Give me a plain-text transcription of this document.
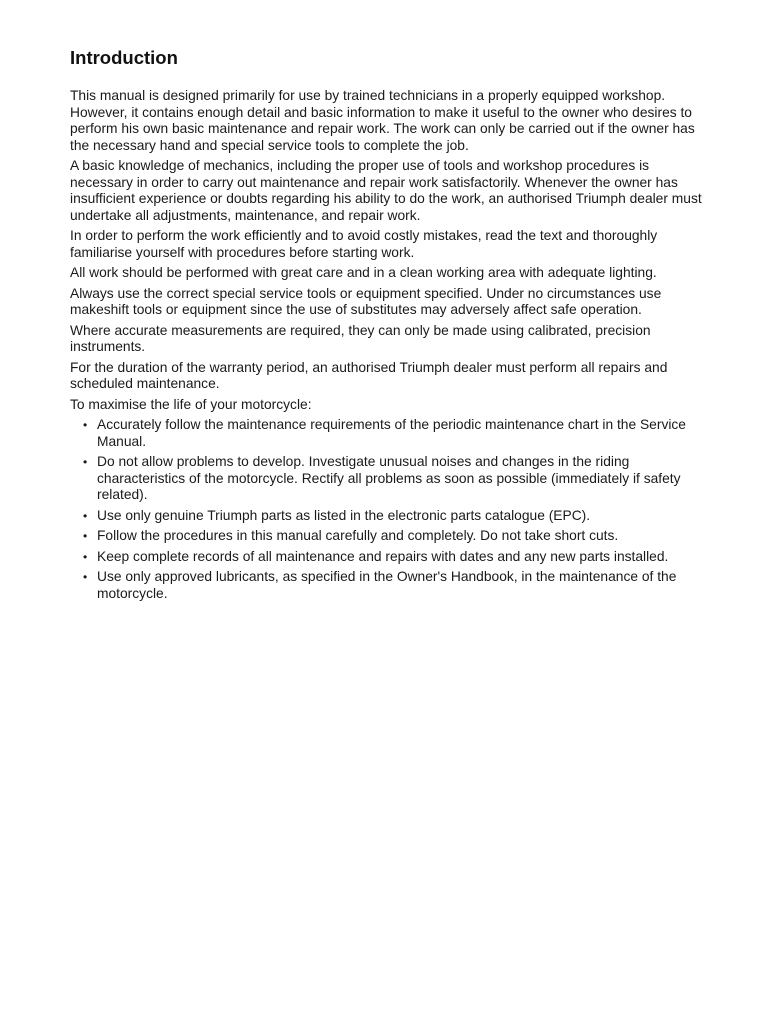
Introduction

This manual is designed primarily for use by trained technicians in a properly equipped workshop. However, it contains enough detail and basic information to make it useful to the owner who desires to perform his own basic maintenance and repair work. The work can only be carried out if the owner has the necessary hand and special service tools to complete the job.

A basic knowledge of mechanics, including the proper use of tools and workshop procedures is necessary in order to carry out maintenance and repair work satisfactorily. Whenever the owner has insufficient experience or doubts regarding his ability to do the work, an authorised Triumph dealer must undertake all adjustments, maintenance, and repair work.

In order to perform the work efficiently and to avoid costly mistakes, read the text and thoroughly familiarise yourself with procedures before starting work.

All work should be performed with great care and in a clean working area with adequate lighting.

Always use the correct special service tools or equipment specified. Under no circumstances use makeshift tools or equipment since the use of substitutes may adversely affect safe operation.

Where accurate measurements are required, they can only be made using calibrated, precision instruments.

For the duration of the warranty period, an authorised Triumph dealer must perform all repairs and scheduled maintenance.

To maximise the life of your motorcycle:

• Accurately follow the maintenance requirements of the periodic maintenance chart in the Service Manual.
• Do not allow problems to develop. Investigate unusual noises and changes in the riding characteristics of the motorcycle. Rectify all problems as soon as possible (immediately if safety related).
• Use only genuine Triumph parts as listed in the electronic parts catalogue (EPC).
• Follow the procedures in this manual carefully and completely. Do not take short cuts.
• Keep complete records of all maintenance and repairs with dates and any new parts installed.
• Use only approved lubricants, as specified in the Owner's Handbook, in the maintenance of the motorcycle.
